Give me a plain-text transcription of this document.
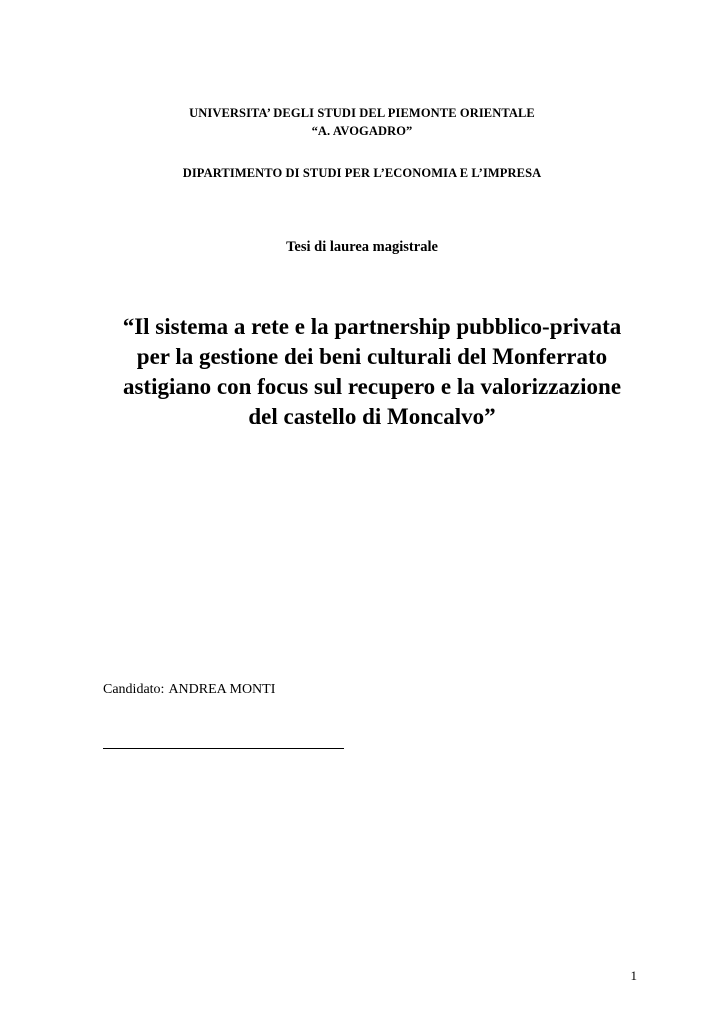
UNIVERSITA’ DEGLI STUDI DEL PIEMONTE ORIENTALE
“A. AVOGADRO”
DIPARTIMENTO DI STUDI PER L’ECONOMIA E L’IMPRESA
Tesi di laurea magistrale
“Il sistema a rete e la partnership pubblico-privata
per la gestione dei beni culturali del Monferrato
astigiano con focus sul recupero e la valorizzazione
del castello di Moncalvo”
Candidato: ANDREA MONTI
1
